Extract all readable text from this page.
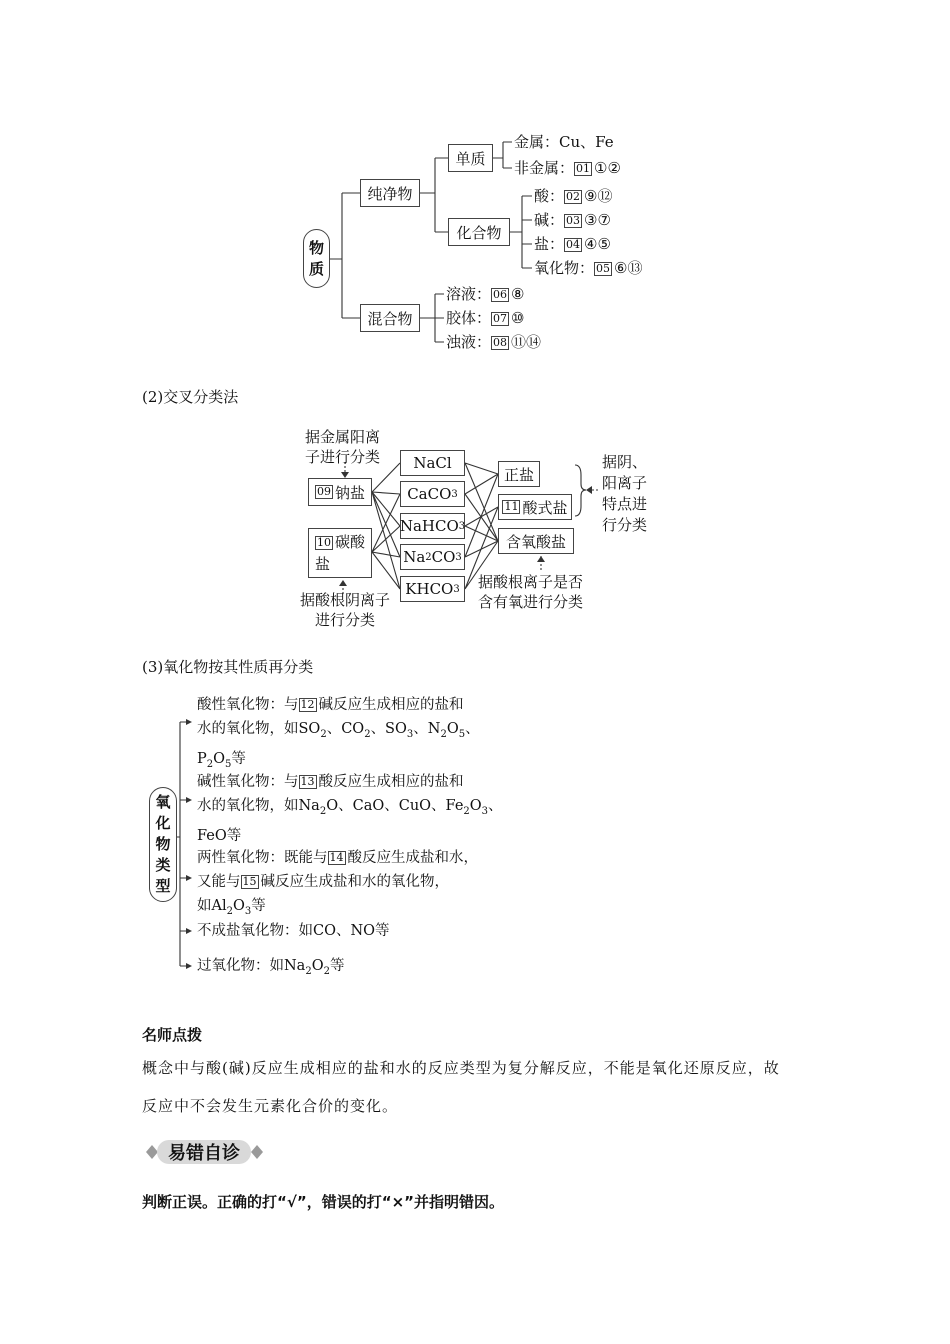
物
质
纯净物
混合物
单质
化合物
金属：Cu、Fe
非金属： 01 ①②
酸： 02 ⑨⑫
碱： 03 ③⑦
盐： 04 ④⑤
氧化物： 05 ⑥⑬
溶液： 06 ⑧
胶体： 07 ⑩
浊液： 08 ⑪⑭
(2)交叉分类法
据金属阳离
子进行分类
09 钠盐
10 碳酸
盐
据酸根阴离子
进行分类
NaCl
CaCO 3
NaHCO 3
Na 2 CO 3
KHCO 3
正盐
11 酸式盐
含氧酸盐
据阴、
阳离子
特点进
行分类
据酸根离子是否
含有氧进行分类
(3)氧化物按其性质再分类
氧
化
物
类
型
酸性氧化物：与 12 碱反应生成相应的盐和
水的氧化物，如$SO_2$、$CO_2$、$SO_3$、$N_2O_5$、
$P_2O_5$等
碱性氧化物：与 13 酸反应生成相应的盐和
水的氧化物，如$Na_2O$、CaO、CuO、$Fe_2O_3$、
FeO等
两性氧化物：既能与 14 酸反应生成盐和水，
又能与 15 碱反应生成盐和水的氧化物，
如$Al_2O_3$等
不成盐氧化物：如CO、NO等
过氧化物：如$Na_2O_2$等
名师点拨
概念中与酸(碱)反应生成相应的盐和水的反应类型为复分解反应，不能是氧化还原反应，故
反应中不会发生元素化合价的变化。
易错自诊
判断正误。正确的打“√”，错误的打“×”并指明错因。
